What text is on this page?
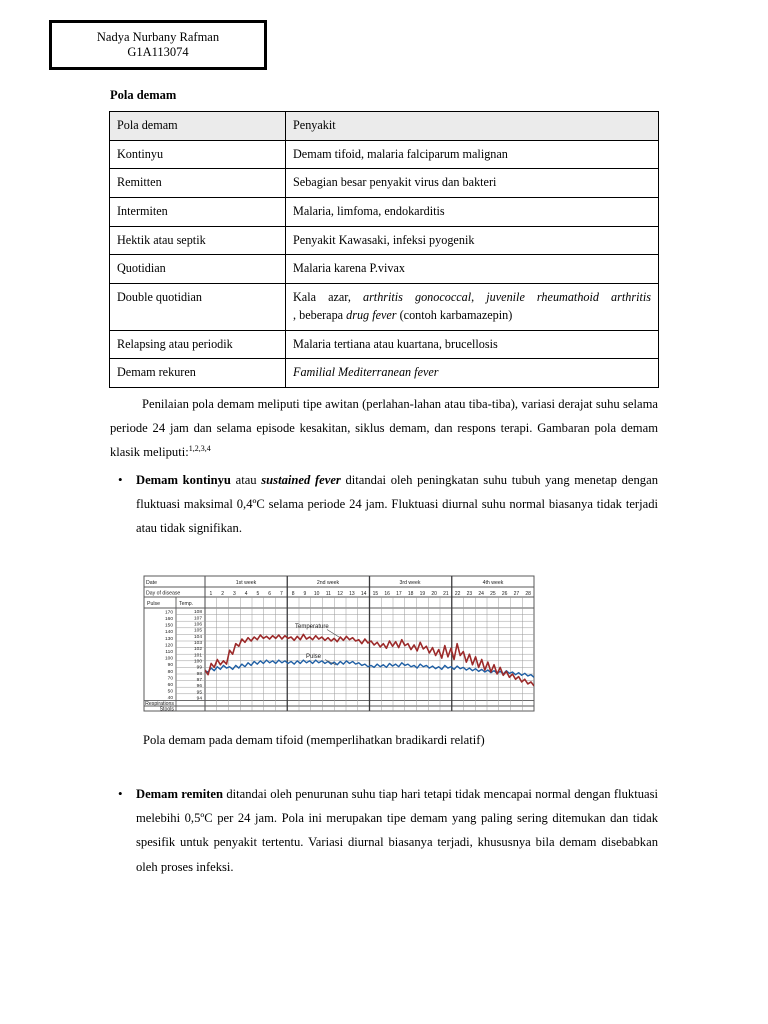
Nadya Nurbany Rafman
G1A113074
Pola demam
Pola demam	Penyakit
Kontinyu	Demam tifoid, malaria falciparum malignan
Remitten	Sebagian besar penyakit virus dan bakteri
Intermiten	Malaria, limfoma, endokarditis
Hektik atau septik	Penyakit Kawasaki, infeksi pyogenik
Quotidian	Malaria karena P.vivax
Double quotidian	Kala azar, arthritis gonococcal, juvenile rheumathoid arthritis
, beberapa drug fever (contoh karbamazepin)

Relapsing atau periodik	Malaria tertiana atau kuartana, brucellosis
Demam rekuren	Familial Mediterranean fever
Penilaian pola demam meliputi tipe awitan (perlahan-lahan atau tiba-tiba), variasi derajat suhu selama periode 24 jam dan selama episode kesakitan, siklus demam, dan respons terapi. Gambaran pola demam klasik meliputi:$^{1,2,3,4}$
•	Demam kontinyu atau sustained fever ditandai oleh peningkatan suhu tubuh yang menetap dengan fluktuasi maksimal 0,4ºC selama periode 24 jam. Fluktuasi diurnal suhu normal biasanya tidak terjadi atau tidak signifikan.
Date
Day of disease
Pulse	Temp.
Respirations
Stools
1st week	2nd week	3rd week	4th week
1 2 3 4 5 6 7 8 9 10 11 12 13 14 15 16 17 18 19 20 21 22 23 24 25 26 27 28
170
160
150
140
130
120
110
100
90
80
70
60
50
40
108
107
106
105
104
103
102
101
100
99
98
97
96
95
94
Temperature
Pulse
Pola demam pada demam tifoid (memperlihatkan bradikardi relatif)
•	Demam remiten ditandai oleh penurunan suhu tiap hari tetapi tidak mencapai normal dengan fluktuasi melebihi 0,5ºC per 24 jam. Pola ini merupakan tipe demam yang paling sering ditemukan dan tidak spesifik untuk penyakit tertentu. Variasi diurnal biasanya terjadi, khususnya bila demam disebabkan oleh proses infeksi.
